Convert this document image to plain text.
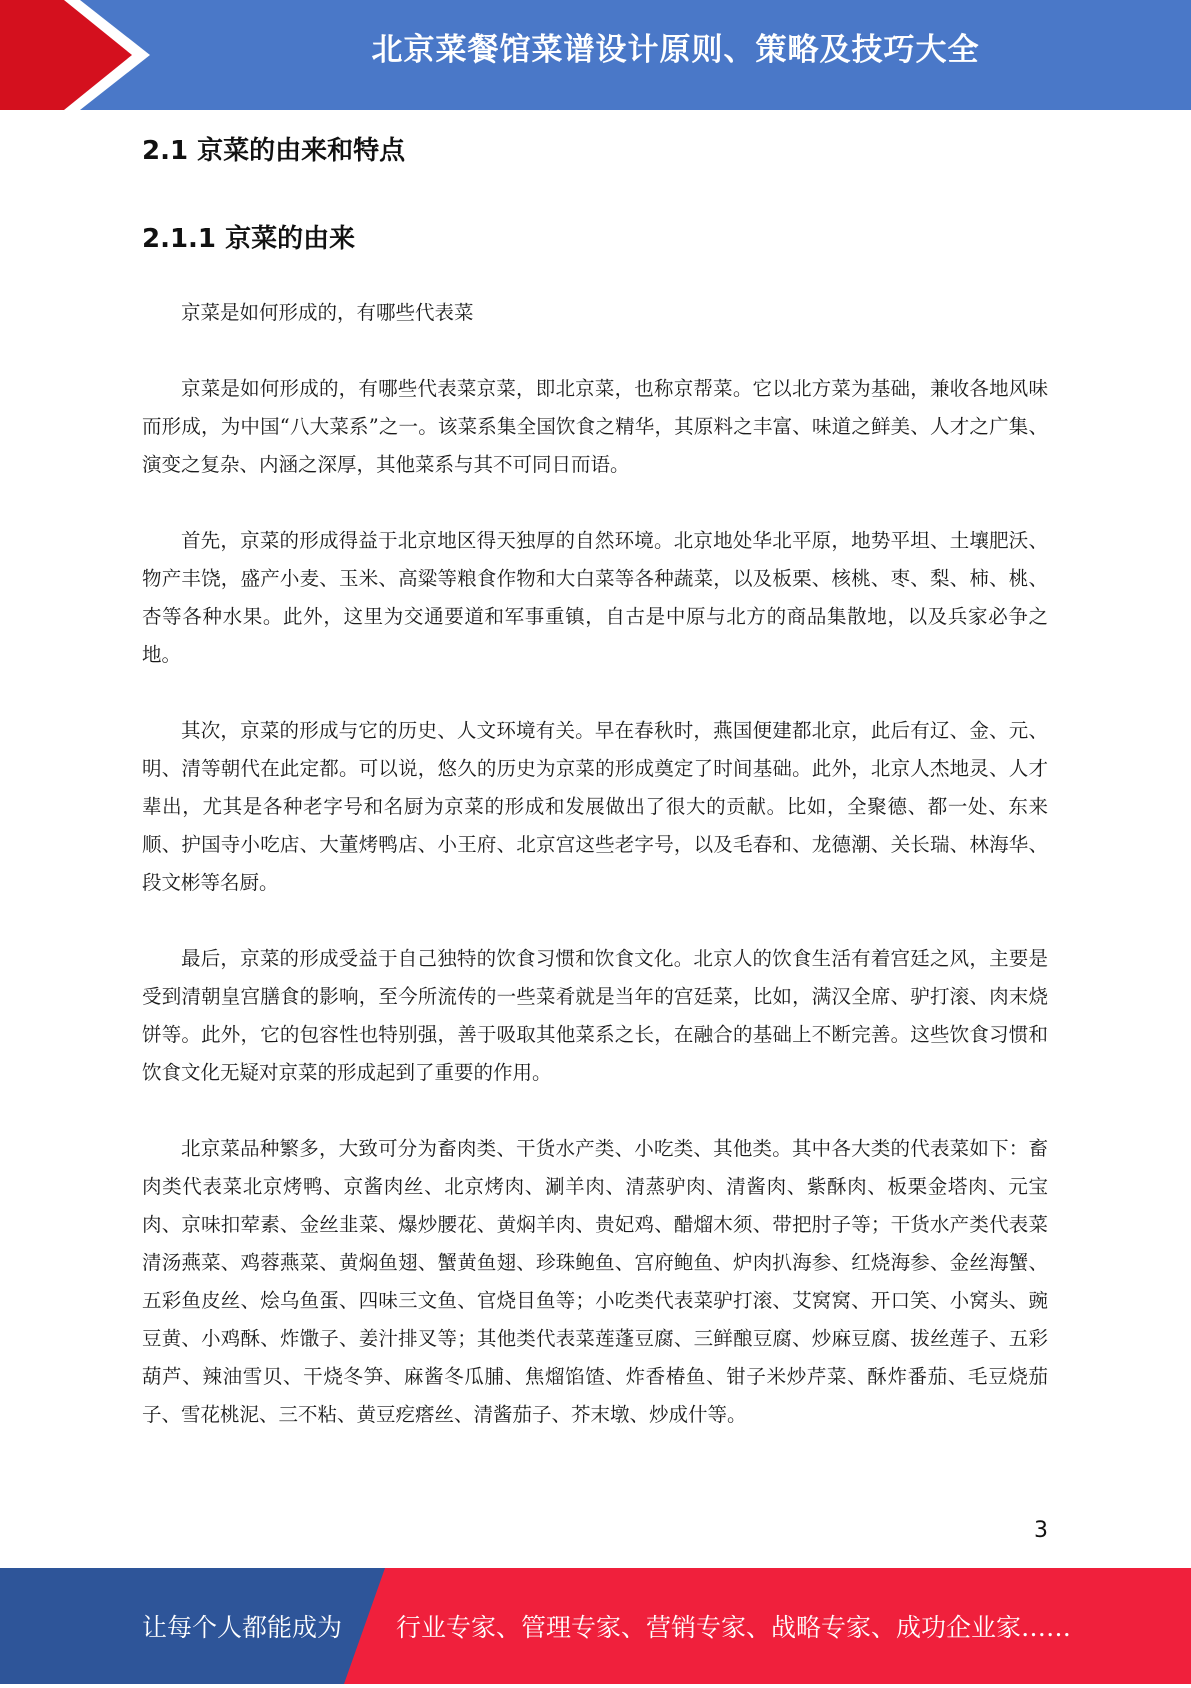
北京菜餐馆菜谱设计原则、策略及技巧大全
2.1 京菜的由来和特点
2.1.1 京菜的由来

京菜是如何形成的，有哪些代表菜

京菜是如何形成的，有哪些代表菜京菜，即北京菜，也称京帮菜。它以北方菜为基础，兼收各地风味而形成，为中国“八大菜系”之一。该菜系集全国饮食之精华，其原料之丰富、味道之鲜美、人才之广集、演变之复杂、内涵之深厚，其他菜系与其不可同日而语。

首先，京菜的形成得益于北京地区得天独厚的自然环境。北京地处华北平原，地势平坦、土壤肥沃、物产丰饶，盛产小麦、玉米、高粱等粮食作物和大白菜等各种蔬菜，以及板栗、核桃、枣、梨、柿、桃、杏等各种水果。此外，这里为交通要道和军事重镇，自古是中原与北方的商品集散地，以及兵家必争之地。

其次，京菜的形成与它的历史、人文环境有关。早在春秋时，燕国便建都北京，此后有辽、金、元、明、清等朝代在此定都。可以说，悠久的历史为京菜的形成奠定了时间基础。此外，北京人杰地灵、人才辈出，尤其是各种老字号和名厨为京菜的形成和发展做出了很大的贡献。比如，全聚德、都一处、东来顺、护国寺小吃店、大董烤鸭店、小王府、北京宫这些老字号，以及毛春和、龙德潮、关长瑞、林海华、段文彬等名厨。

最后，京菜的形成受益于自己独特的饮食习惯和饮食文化。北京人的饮食生活有着宫廷之风，主要是受到清朝皇宫膳食的影响，至今所流传的一些菜肴就是当年的宫廷菜，比如，满汉全席、驴打滚、肉末烧饼等。此外，它的包容性也特别强，善于吸取其他菜系之长，在融合的基础上不断完善。这些饮食习惯和饮食文化无疑对京菜的形成起到了重要的作用。

北京菜品种繁多，大致可分为畜肉类、干货水产类、小吃类、其他类。其中各大类的代表菜如下：畜肉类代表菜北京烤鸭、京酱肉丝、北京烤肉、涮羊肉、清蒸驴肉、清酱肉、紫酥肉、板栗金塔肉、元宝肉、京味扣荤素、金丝韭菜、爆炒腰花、黄焖羊肉、贵妃鸡、醋熘木须、带把肘子等；干货水产类代表菜清汤燕菜、鸡蓉燕菜、黄焖鱼翅、蟹黄鱼翅、珍珠鲍鱼、宫府鲍鱼、炉肉扒海参、红烧海参、金丝海蟹、五彩鱼皮丝、烩乌鱼蛋、四味三文鱼、官烧目鱼等；小吃类代表菜驴打滚、艾窝窝、开口笑、小窝头、豌豆黄、小鸡酥、炸馓子、姜汁排叉等；其他类代表菜莲蓬豆腐、三鲜酿豆腐、炒麻豆腐、拔丝莲子、五彩葫芦、辣油雪贝、干烧冬笋、麻酱冬瓜脯、焦熘馅馇、炸香椿鱼、钳子米炒芹菜、酥炸番茄、毛豆烧茄子、雪花桃泥、三不粘、黄豆疙瘩丝、清酱茄子、芥末墩、炒成什等。

3
让每个人都能成为 行业专家、管理专家、营销专家、战略专家、成功企业家……
